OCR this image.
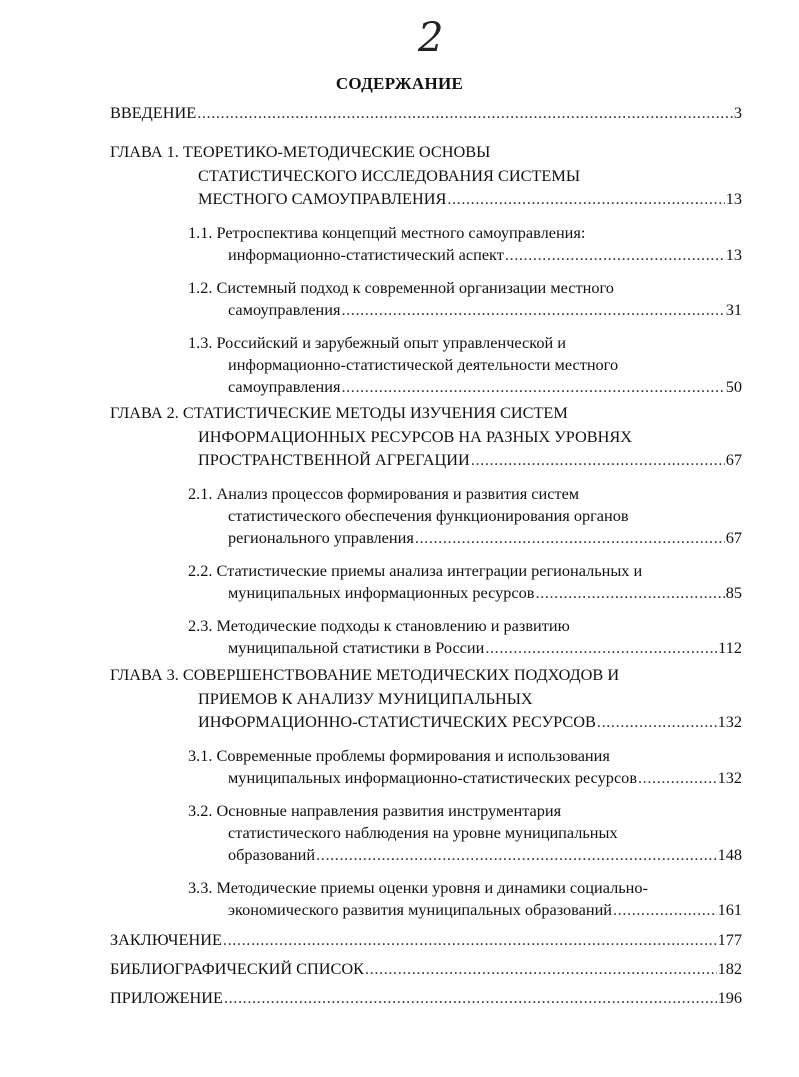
2
СОДЕРЖАНИЕ
ВВЕДЕНИЕ .....	3
ГЛАВА 1. ТЕОРЕТИКО-МЕТОДИЧЕСКИЕ ОСНОВЫ
СТАТИСТИЧЕСКОГО ИССЛЕДОВАНИЯ СИСТЕМЫ
МЕСТНОГО САМОУПРАВЛЕНИЯ .....	13
1.1. Ретроспектива концепций местного самоуправления:
информационно-статистический аспект .....	13
1.2. Системный подход к современной организации местного
самоуправления .....	31
1.3. Российский и зарубежный опыт управленческой и
информационно-статистической деятельности местного
самоуправления .....	50
ГЛАВА 2. СТАТИСТИЧЕСКИЕ МЕТОДЫ ИЗУЧЕНИЯ СИСТЕМ
ИНФОРМАЦИОННЫХ РЕСУРСОВ НА РАЗНЫХ УРОВНЯХ
ПРОСТРАНСТВЕННОЙ АГРЕГАЦИИ .....	67
2.1. Анализ процессов формирования и развития систем
статистического обеспечения функционирования органов
регионального управления .....	67
2.2. Статистические приемы анализа интеграции региональных и
муниципальных информационных ресурсов .....	85
2.3. Методические подходы к становлению и развитию
муниципальной статистики в России .....	112
ГЛАВА 3. СОВЕРШЕНСТВОВАНИЕ МЕТОДИЧЕСКИХ ПОДХОДОВ И
ПРИЕМОВ К АНАЛИЗУ МУНИЦИПАЛЬНЫХ
ИНФОРМАЦИОННО-СТАТИСТИЧЕСКИХ РЕСУРСОВ .....	132
3.1. Современные проблемы формирования и использования
муниципальных информационно-статистических ресурсов .....	132
3.2. Основные направления развития инструментария
статистического наблюдения на уровне муниципальных
образований .....	148
3.3. Методические приемы оценки уровня и динамики социально-
экономического развития муниципальных образований .....	161
ЗАКЛЮЧЕНИЕ .....	177
БИБЛИОГРАФИЧЕСКИЙ СПИСОК .....	182
ПРИЛОЖЕНИЕ .....	196
